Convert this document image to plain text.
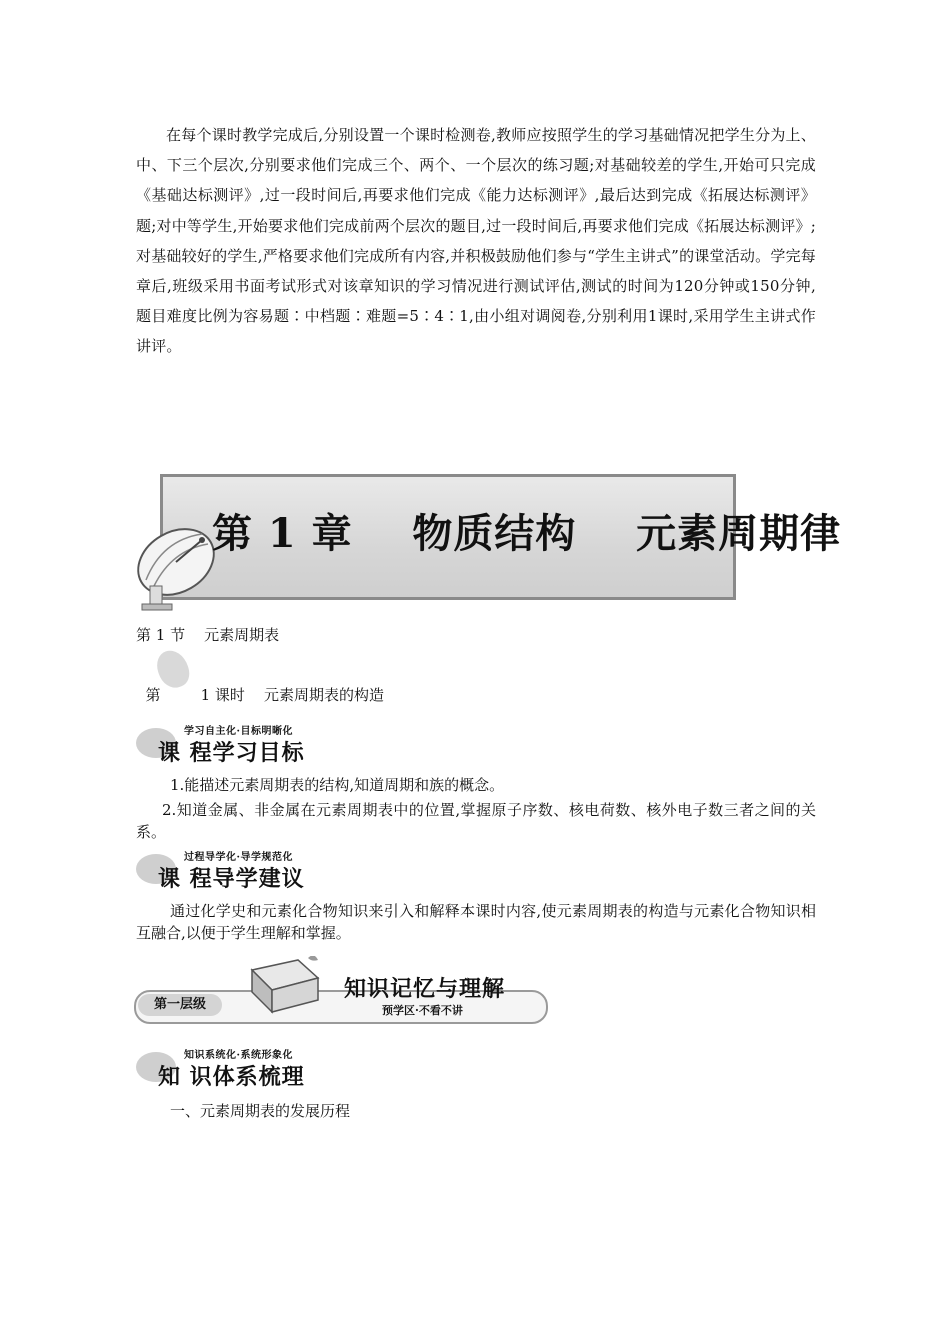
在每个课时教学完成后,分别设置一个课时检测卷,教师应按照学生的学习基础情况把学生分为上、中、下三个层次,分别要求他们完成三个、两个、一个层次的练习题;对基础较差的学生,开始可只完成《基础达标测评》,过一段时间后,再要求他们完成《能力达标测评》,最后达到完成《拓展达标测评》题;对中等学生,开始要求他们完成前两个层次的题目,过一段时间后,再要求他们完成《拓展达标测评》;对基础较好的学生,严格要求他们完成所有内容,并积极鼓励他们参与“学生主讲式”的课堂活动。学完每章后,班级采用书面考试形式对该章知识的学习情况进行测试评估,测试的时间为120分钟或150分钟,题目难度比例为容易题∶中档题∶难题=5∶4∶1,由小组对调阅卷,分别利用1课时,采用学生主讲式作讲评。
第 1 章    物质结构    元素周期律
第 1 节    元素周期表

第	1 课时    元素周期表的构造

学习自主化·目标明晰化
课 程学习目标
1.能描述元素周期表的结构,知道周期和族的概念。
2.知道金属、非金属在元素周期表中的位置,掌握原子序数、核电荷数、核外电子数三者之间的关系。
过程导学化·导学规范化
课 程导学建议
通过化学史和元素化合物知识来引入和解释本课时内容,使元素周期表的构造与元素化合物知识相互融合,以便于学生理解和掌握。
第一层级
知识记忆与理解
预学区·不看不讲
知识系统化·系统形象化
知 识体系梳理
一、元素周期表的发展历程
